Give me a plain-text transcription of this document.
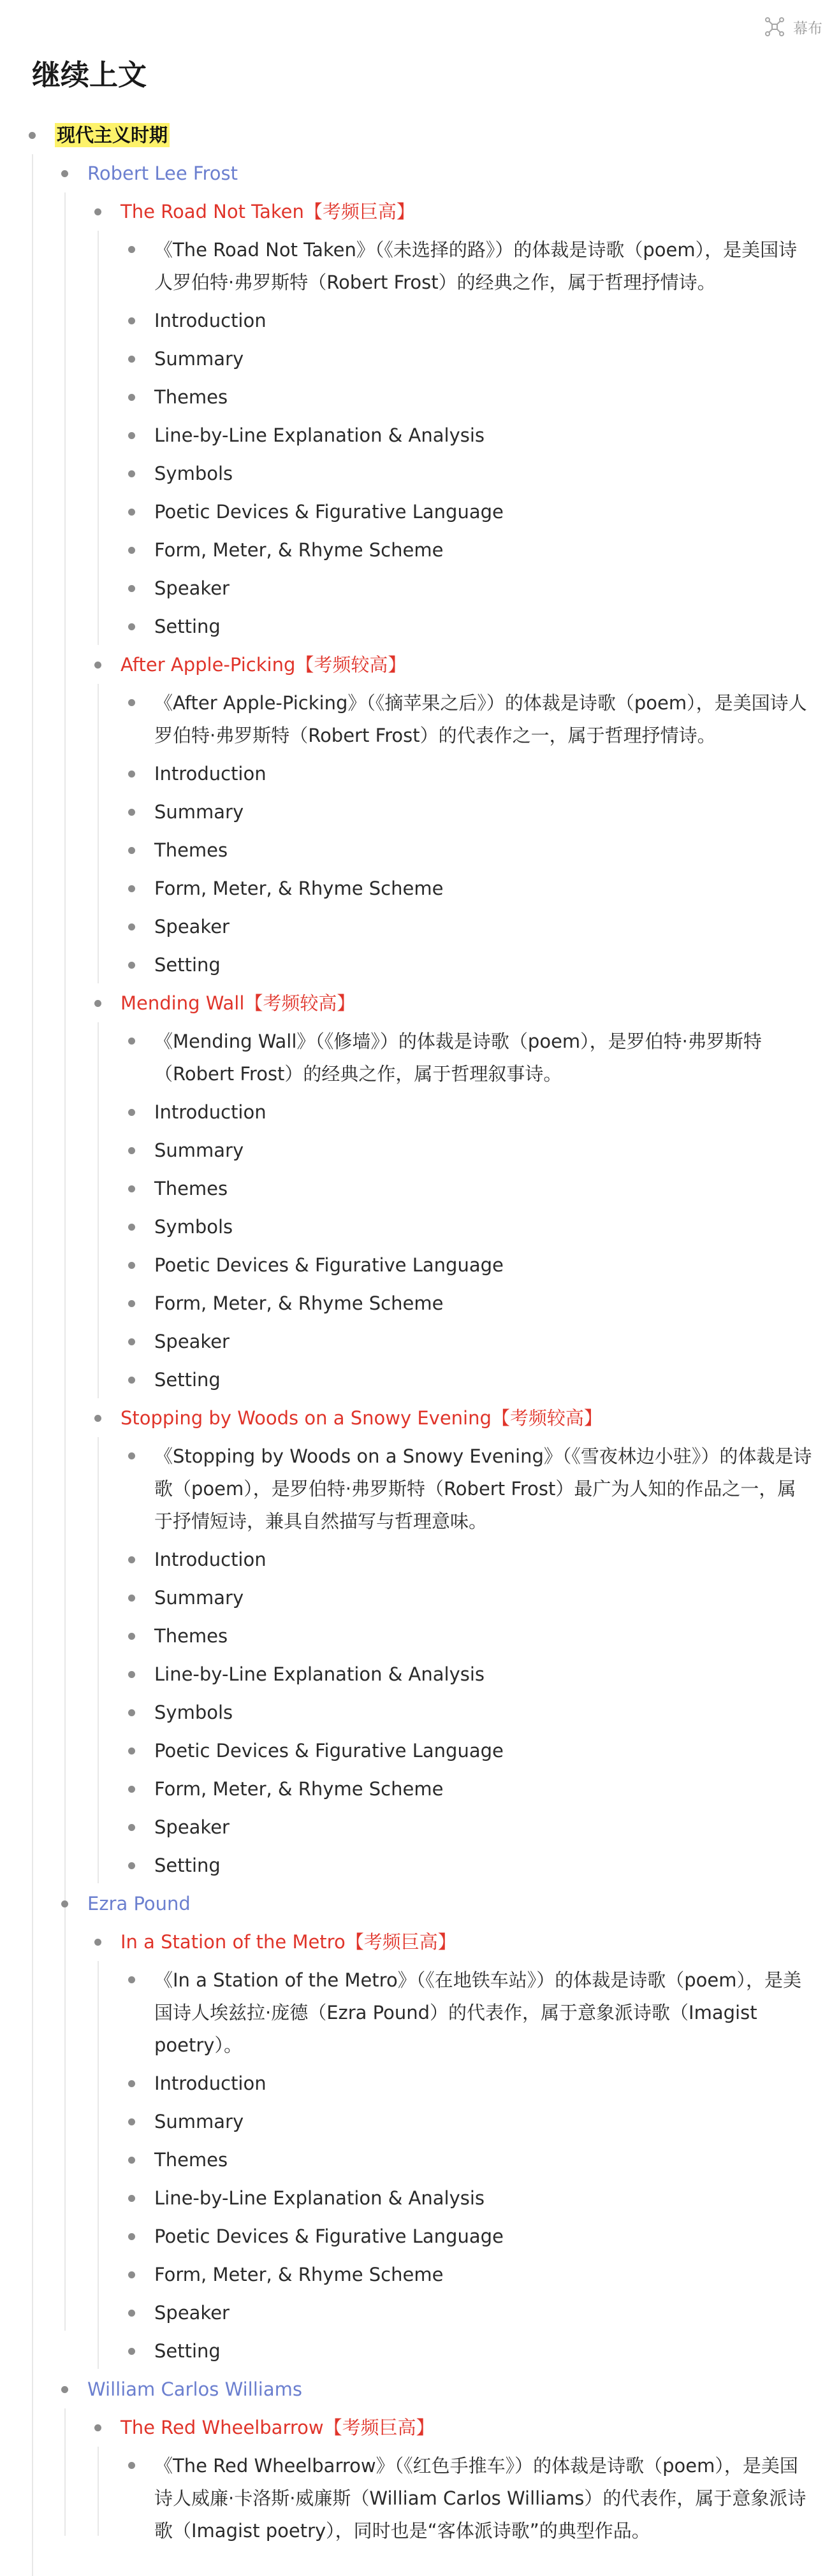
幕布
继续上文
现代主义时期
Robert Lee Frost
The Road Not Taken【考频巨高】
《The Road Not Taken》（《未选择的路》）的体裁是诗歌（poem），是美国诗人罗伯特·弗罗斯特（Robert Frost）的经典之作，属于哲理抒情诗。
Introduction
Summary
Themes
Line-by-Line Explanation & Analysis
Symbols
Poetic Devices & Figurative Language
Form, Meter, & Rhyme Scheme
Speaker
Setting
After Apple-Picking【考频较高】
《After Apple-Picking》（《摘苹果之后》）的体裁是诗歌（poem），是美国诗人罗伯特·弗罗斯特（Robert Frost）的代表作之一，属于哲理抒情诗。
Introduction
Summary
Themes
Form, Meter, & Rhyme Scheme
Speaker
Setting
Mending Wall【考频较高】
《Mending Wall》（《修墙》）的体裁是诗歌（poem），是罗伯特·弗罗斯特（Robert Frost）的经典之作，属于哲理叙事诗。
Introduction
Summary
Themes
Symbols
Poetic Devices & Figurative Language
Form, Meter, & Rhyme Scheme
Speaker
Setting
Stopping by Woods on a Snowy Evening【考频较高】
《Stopping by Woods on a Snowy Evening》（《雪夜林边小驻》）的体裁是诗歌（poem），是罗伯特·弗罗斯特（Robert Frost）最广为人知的作品之一，属于抒情短诗，兼具自然描写与哲理意味。
Introduction
Summary
Themes
Line-by-Line Explanation & Analysis
Symbols
Poetic Devices & Figurative Language
Form, Meter, & Rhyme Scheme
Speaker
Setting
Ezra Pound
In a Station of the Metro【考频巨高】
《In a Station of the Metro》（《在地铁车站》）的体裁是诗歌（poem），是美国诗人埃兹拉·庞德（Ezra Pound）的代表作，属于意象派诗歌（Imagist poetry）。
Introduction
Summary
Themes
Line-by-Line Explanation & Analysis
Poetic Devices & Figurative Language
Form, Meter, & Rhyme Scheme
Speaker
Setting
William Carlos Williams
The Red Wheelbarrow【考频巨高】
《The Red Wheelbarrow》（《红色手推车》）的体裁是诗歌（poem），是美国诗人威廉·卡洛斯·威廉斯（William Carlos Williams）的代表作，属于意象派诗歌（Imagist poetry），同时也是“客体派诗歌”的典型作品。
